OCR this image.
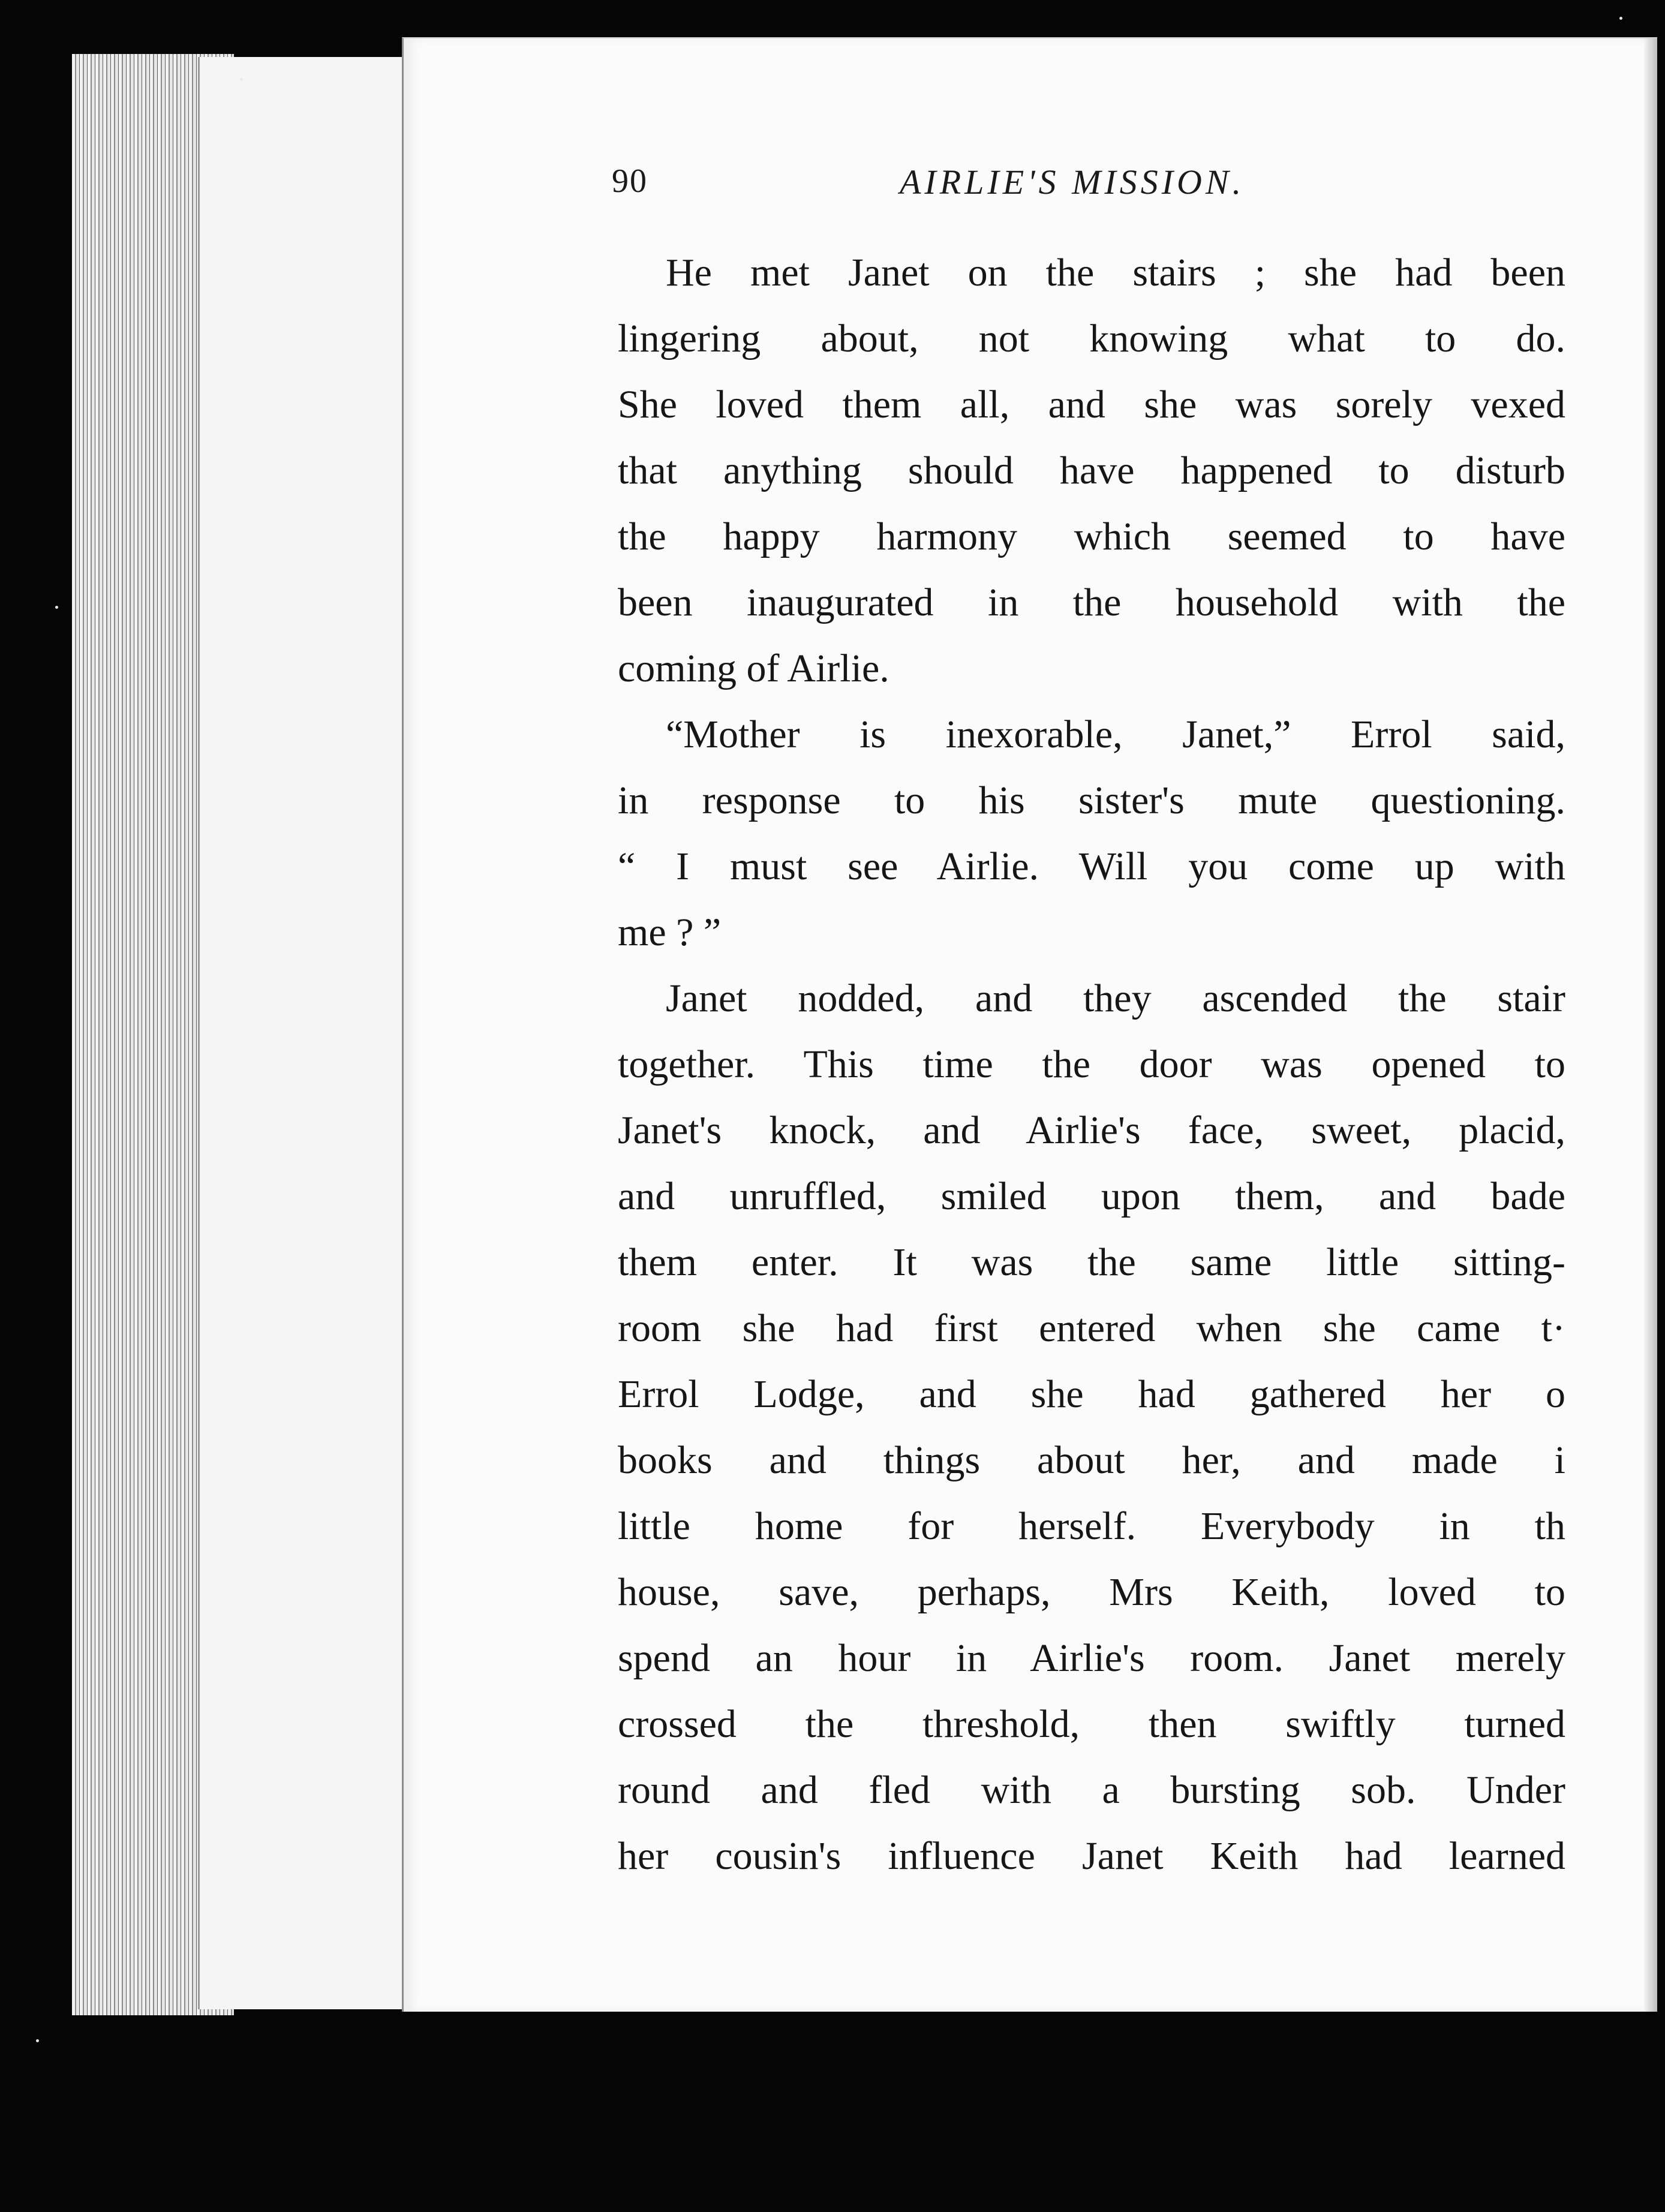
90	AIRLIE'S MISSION.
He met Janet on the stairs ; she had been
lingering about, not knowing what to do.
She loved them all, and she was sorely vexed
that anything should have happened to disturb
the happy harmony which seemed to have
been inaugurated in the household with the
coming of Airlie.
“Mother is inexorable, Janet,” Errol said,
in response to his sister's mute questioning.
“ I must see Airlie. Will you come up with
me ? ”
Janet nodded, and they ascended the stair
together. This time the door was opened to
Janet's knock, and Airlie's face, sweet, placid,
and unruffled, smiled upon them, and bade
them enter. It was the same little sitting-
room she had first entered when she came t·
Errol Lodge, and she had gathered her o
books and things about her, and made i
little home for herself. Everybody in th
house, save, perhaps, Mrs Keith, loved to
spend an hour in Airlie's room. Janet merely
crossed the threshold, then swiftly turned
round and fled with a bursting sob. Under
her cousin's influence Janet Keith had learned
